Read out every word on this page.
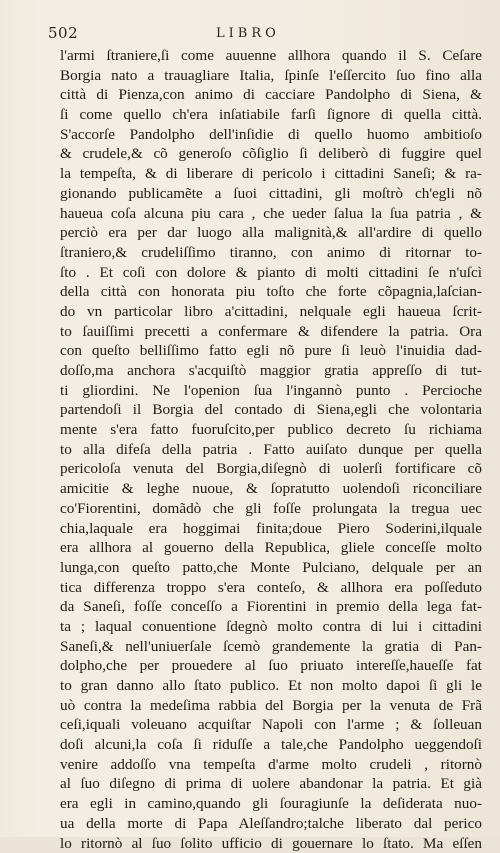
502	LIBRO
l'armi ſtraniere,ſi come auuenne allhora quando il S. Ceſare
Borgia nato a trauagliare Italia, ſpinſe l'eſſercito ſuo fino alla
città di Pienza,con animo di cacciare Pandolpho di Siena, &
ſi come quello ch'era inſatiabile farſi ſignore di quella città.
S'accorſe Pandolpho dell'inſidie di quello huomo ambitioſo
& crudele,& cõ generoſo cõſiglio ſi deliberò di fuggire quel
la tempeſta, & di liberare di pericolo i cittadini Saneſi; & ra-
gionando publicamẽte a ſuoi cittadini, gli moſtrò ch'egli nõ
haueua coſa alcuna piu cara , che ueder ſalua la ſua patria , &
perciò era per dar luogo alla malignità,& all'ardire di quello
ſtraniero,& crudeliſſimo tiranno, con animo di ritornar to-
ſto . Et coſi con dolore & pianto di molti cittadini ſe n'uſcì
della città con honorata piu toſto che forte cõpagnia,laſcian-
do vn particolar libro a'cittadini, nelquale egli haueua ſcrit-
to ſauiſſimi precetti a confermare & difendere la patria. Ora
con queſto belliſſimo fatto egli nõ pure ſi leuò l'inuidia dad-
doſſo,ma anchora s'acquiſtò maggior gratia appreſſo di tut-
ti gliordini. Ne l'openion ſua l'ingannò punto . Percioche
partendoſi il Borgia del contado di Siena,egli che volontaria
mente s'era fatto fuoruſcito,per publico decreto ſu richiama
to alla difeſa della patria . Fatto auiſato dunque per quella
pericoloſa venuta del Borgia,diſegnò di uolerſi fortificare cõ
amicitie & leghe nuoue, & ſopratutto uolendoſi riconciliare
co'Fiorentini, domãdò che gli foſſe prolungata la tregua uec
chia,laquale era hoggimai finita;doue Piero Soderini,ilquale
era allhora al gouerno della Republica, gliele conceſſe molto
lunga,con queſto patto,che Monte Pulciano, delquale per an
tica differenza troppo s'era conteſo, & allhora era poſſeduto
da Saneſi, foſſe conceſſo a Fiorentini in premio della lega fat-
ta ; laqual conuentione ſdegnò molto contra di lui i cittadini
Saneſi,& nell'uniuerſale ſcemò grandemente la gratia di Pan-
dolpho,che per prouedere al ſuo priuato intereſſe,haueſſe fat
to gran danno allo ſtato publico. Et non molto dapoi ſi gli le
uò contra la medeſima rabbia del Borgia per la venuta de Frã
ceſi,iquali voleuano acquiſtar Napoli con l'arme ; & ſolleuan
doſi alcuni,la coſa ſi riduſſe a tale,che Pandolpho ueggendoſi
venire addoſſo vna tempeſta d'arme molto crudeli , ritornò
al ſuo diſegno di prima di uolere abandonar la patria. Et già
era egli in camino,quando gli ſouragiunſe la deſiderata nuo-
ua della morte di Papa Aleſſandro;talche liberato dal perico
lo ritornò al ſuo ſolito ufficio di gouernare lo ſtato. Ma eſſen
